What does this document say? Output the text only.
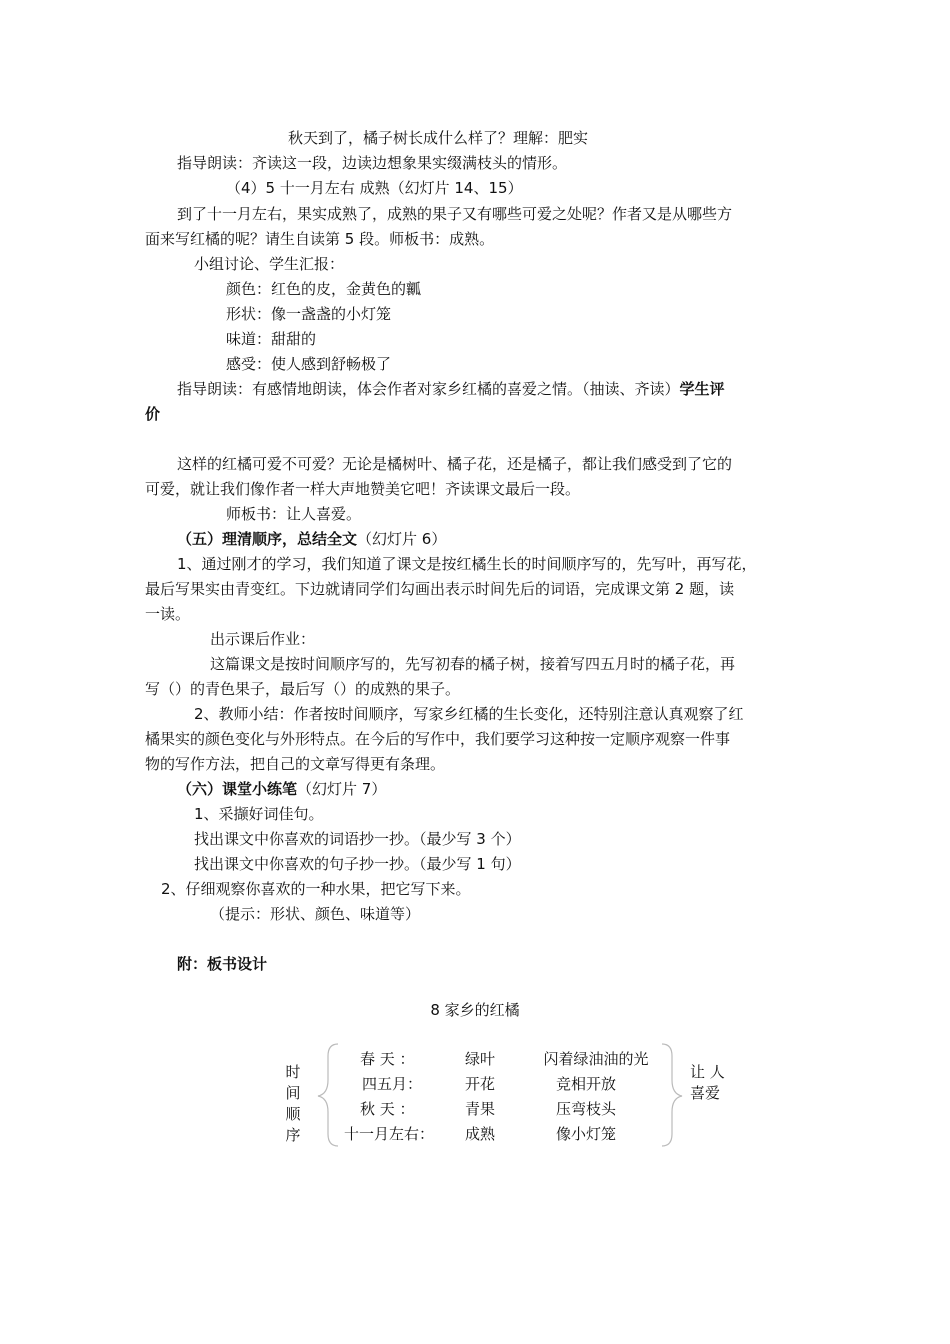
秋天到了，橘子树长成什么样了？理解：肥实
指导朗读：齐读这一段，边读边想象果实缀满枝头的情形。
（4）5 十一月左右 成熟（幻灯片 14、15）
到了十一月左右，果实成熟了，成熟的果子又有哪些可爱之处呢？作者又是从哪些方
面来写红橘的呢？请生自读第 5 段。师板书：成熟。
小组讨论、学生汇报：
颜色：红色的皮，金黄色的瓤
形状：像一盏盏的小灯笼
味道：甜甜的
感受：使人感到舒畅极了
指导朗读：有感情地朗读，体会作者对家乡红橘的喜爱之情。（抽读、齐读）学生评
价
这样的红橘可爱不可爱？无论是橘树叶、橘子花，还是橘子，都让我们感受到了它的
可爱，就让我们像作者一样大声地赞美它吧！齐读课文最后一段。
师板书：让人喜爱。
（五）理清顺序，总结全文（幻灯片 6）
1、通过刚才的学习，我们知道了课文是按红橘生长的时间顺序写的，先写叶，再写花，
最后写果实由青变红。下边就请同学们勾画出表示时间先后的词语，完成课文第 2 题，读
一读。
出示课后作业：
这篇课文是按时间顺序写的，先写初春的橘子树，接着写四五月时的橘子花，再
写（）的青色果子，最后写（）的成熟的果子。
2、教师小结：作者按时间顺序，写家乡红橘的生长变化，还特别注意认真观察了红
橘果实的颜色变化与外形特点。在今后的写作中，我们要学习这种按一定顺序观察一件事
物的写作方法，把自己的文章写得更有条理。
（六）课堂小练笔（幻灯片 7）
1、采撷好词佳句。
找出课文中你喜欢的词语抄一抄。（最少写 3 个）
找出课文中你喜欢的句子抄一抄。（最少写 1 句）
2、仔细观察你喜欢的一种水果，把它写下来。
（提示：形状、颜色、味道等）
附：板书设计
8 家乡的红橘
时
间
顺
序
春 天 ：	绿叶	闪着绿油油的光
四五月：	开花	竞相开放
秋 天 ：	青果	压弯枝头
十一月左右：	成熟	像小灯笼
让 人
喜爱
